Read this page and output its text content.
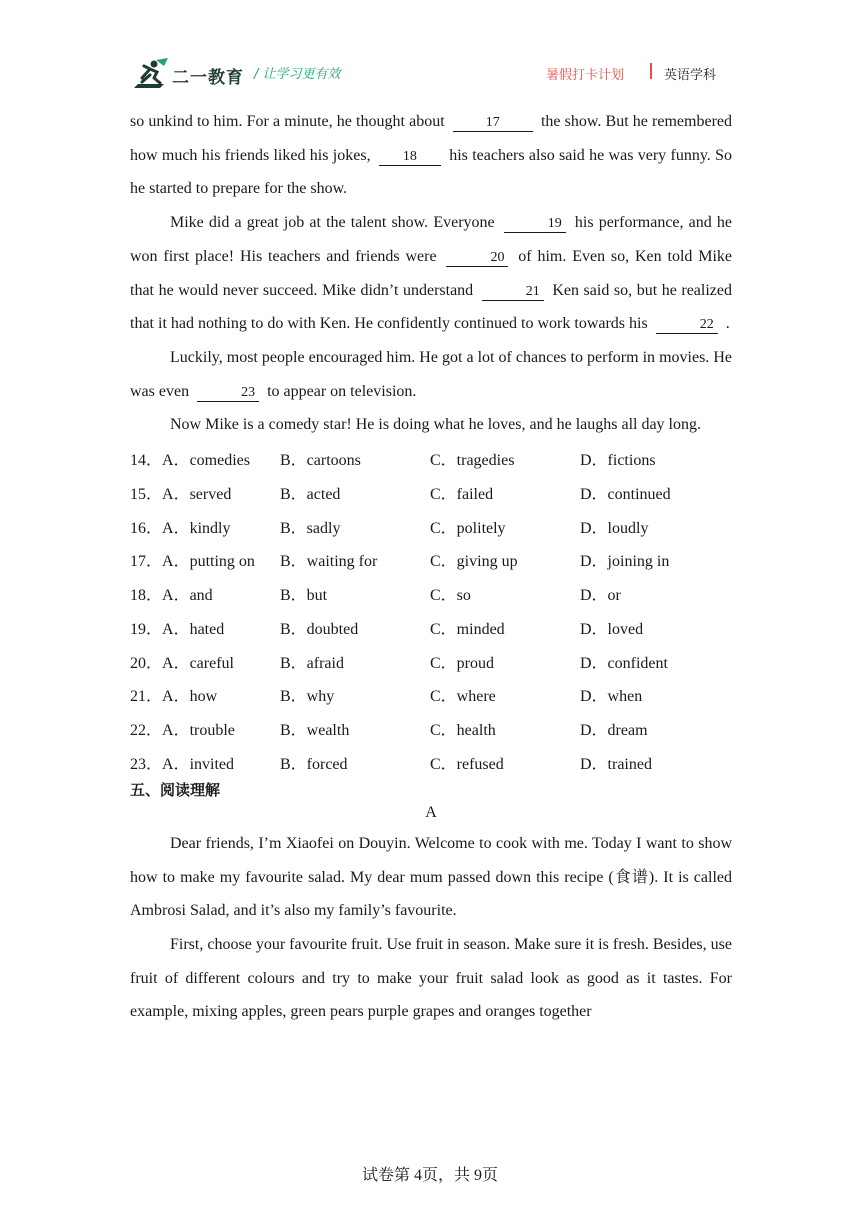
二一教育 / 让学习更有效	暑假打卡计划	英语学科

so unkind to him. For a minute, he thought about	17 the show. But he remembered how much his friends liked his jokes, 18 his teachers also said he was very funny. So he started to prepare for the show.

Mike did a great job at the talent show. Everyone	19 his performance, and he won first place! His teachers and friends were	20 of him. Even so, Ken told Mike that he would never succeed. Mike didn’t understand	21 Ken said so, but he realized that it had nothing to do with Ken. He confidently continued to work towards his	22 .

Luckily, most people encouraged him. He got a lot of chances to perform in movies. He was even	23 to appear on television.

Now Mike is a comedy star! He is doing what he loves, and he laughs all day long.

14．A．comedies	B．cartoons	C．tragedies	D．fictions
15．A．served	B．acted	C．failed	D．continued
16．A．kindly	B．sadly	C．politely	D．loudly
17．A．putting on	B．waiting for	C．giving up	D．joining in
18．A．and	B．but	C．so	D．or
19．A．hated	B．doubted	C．minded	D．loved
20．A．careful	B．afraid	C．proud	D．confident
21．A．how	B．why	C．where	D．when
22．A．trouble	B．wealth	C．health	D．dream
23．A．invited	B．forced	C．refused	D．trained
五、阅读理解
A

Dear friends, I’m Xiaofei on Douyin. Welcome to cook with me. Today I want to show how to make my favourite salad. My dear mum passed down this recipe (食谱). It is called Ambrosi Salad, and it’s also my family’s favourite.

First, choose your favourite fruit. Use fruit in season. Make sure it is fresh. Besides, use fruit of different colours and try to make your fruit salad look as good as it tastes. For example, mixing apples, green pears purple grapes and oranges together

试卷第 4页，共 9页
